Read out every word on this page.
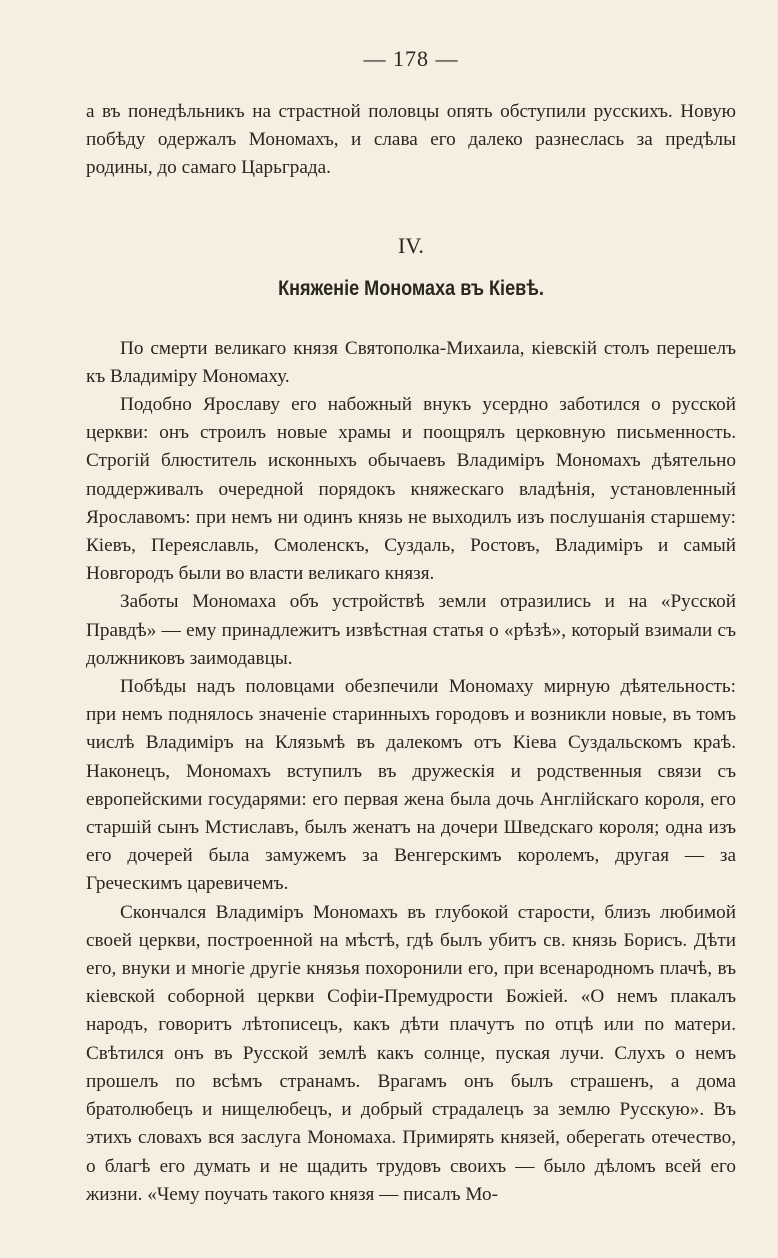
— 178 —

а въ понедѣльникъ на страстной половцы опять обступили русскихъ. Новую побѣду одержалъ Мономахъ, и слава его далеко разнеслась за предѣлы родины, до самаго Царьграда.

IV.
Княженіе Мономаха въ Кіевѣ.

По смерти великаго князя Святополка-Михаила, кіевскій столъ перешелъ къ Владиміру Мономаху.

Подобно Ярославу его набожный внукъ усердно заботился о русской церкви: онъ строилъ новые храмы и поощрялъ церковную письменность. Строгій блюститель исконныхъ обычаевъ Владиміръ Мономахъ дѣятельно поддерживалъ очередной порядокъ княжескаго владѣнія, установленный Ярославомъ: при немъ ни одинъ князь не выходилъ изъ послушанія старшему: Кіевъ, Переяславль, Смоленскъ, Суздаль, Ростовъ, Владиміръ и самый Новгородъ были во власти великаго князя.

Заботы Мономаха объ устройствѣ земли отразились и на «Русской Правдѣ» — ему принадлежитъ извѣстная статья о «рѣзѣ», который взимали съ должниковъ заимодавцы.

Побѣды надъ половцами обезпечили Мономаху мирную дѣятельность: при немъ поднялось значеніе старинныхъ городовъ и возникли новые, въ томъ числѣ Владиміръ на Клязьмѣ въ далекомъ отъ Кіева Суздальскомъ краѣ. Наконецъ, Мономахъ вступилъ въ дружескія и родственныя связи съ европейскими государями: его первая жена была дочь Англійскаго короля, его старшій сынъ Мстиславъ, былъ женатъ на дочери Шведскаго короля; одна изъ его дочерей была замужемъ за Венгерскимъ королемъ, другая — за Греческимъ царевичемъ.

Скончался Владиміръ Мономахъ въ глубокой старости, близъ любимой своей церкви, построенной на мѣстѣ, гдѣ былъ убитъ св. князь Борисъ. Дѣти его, внуки и многіе другіе князья похоронили его, при всенародномъ плачѣ, въ кіевской соборной церкви Софіи-Премудрости Божіей. «О немъ плакалъ народъ, говоритъ лѣтописецъ, какъ дѣти плачутъ по отцѣ или по матери. Свѣтился онъ въ Русской землѣ какъ солнце, пуская лучи. Слухъ о немъ прошелъ по всѣмъ странамъ. Врагамъ онъ былъ страшенъ, а дома братолюбецъ и нищелюбецъ, и добрый страдалецъ за землю Русскую». Въ этихъ словахъ вся заслуга Мономаха. Примирять князей, оберегать отечество, о благѣ его думать и не щадить трудовъ своихъ — было дѣломъ всей его жизни. «Чему поучать такого князя — писалъ Мо-
